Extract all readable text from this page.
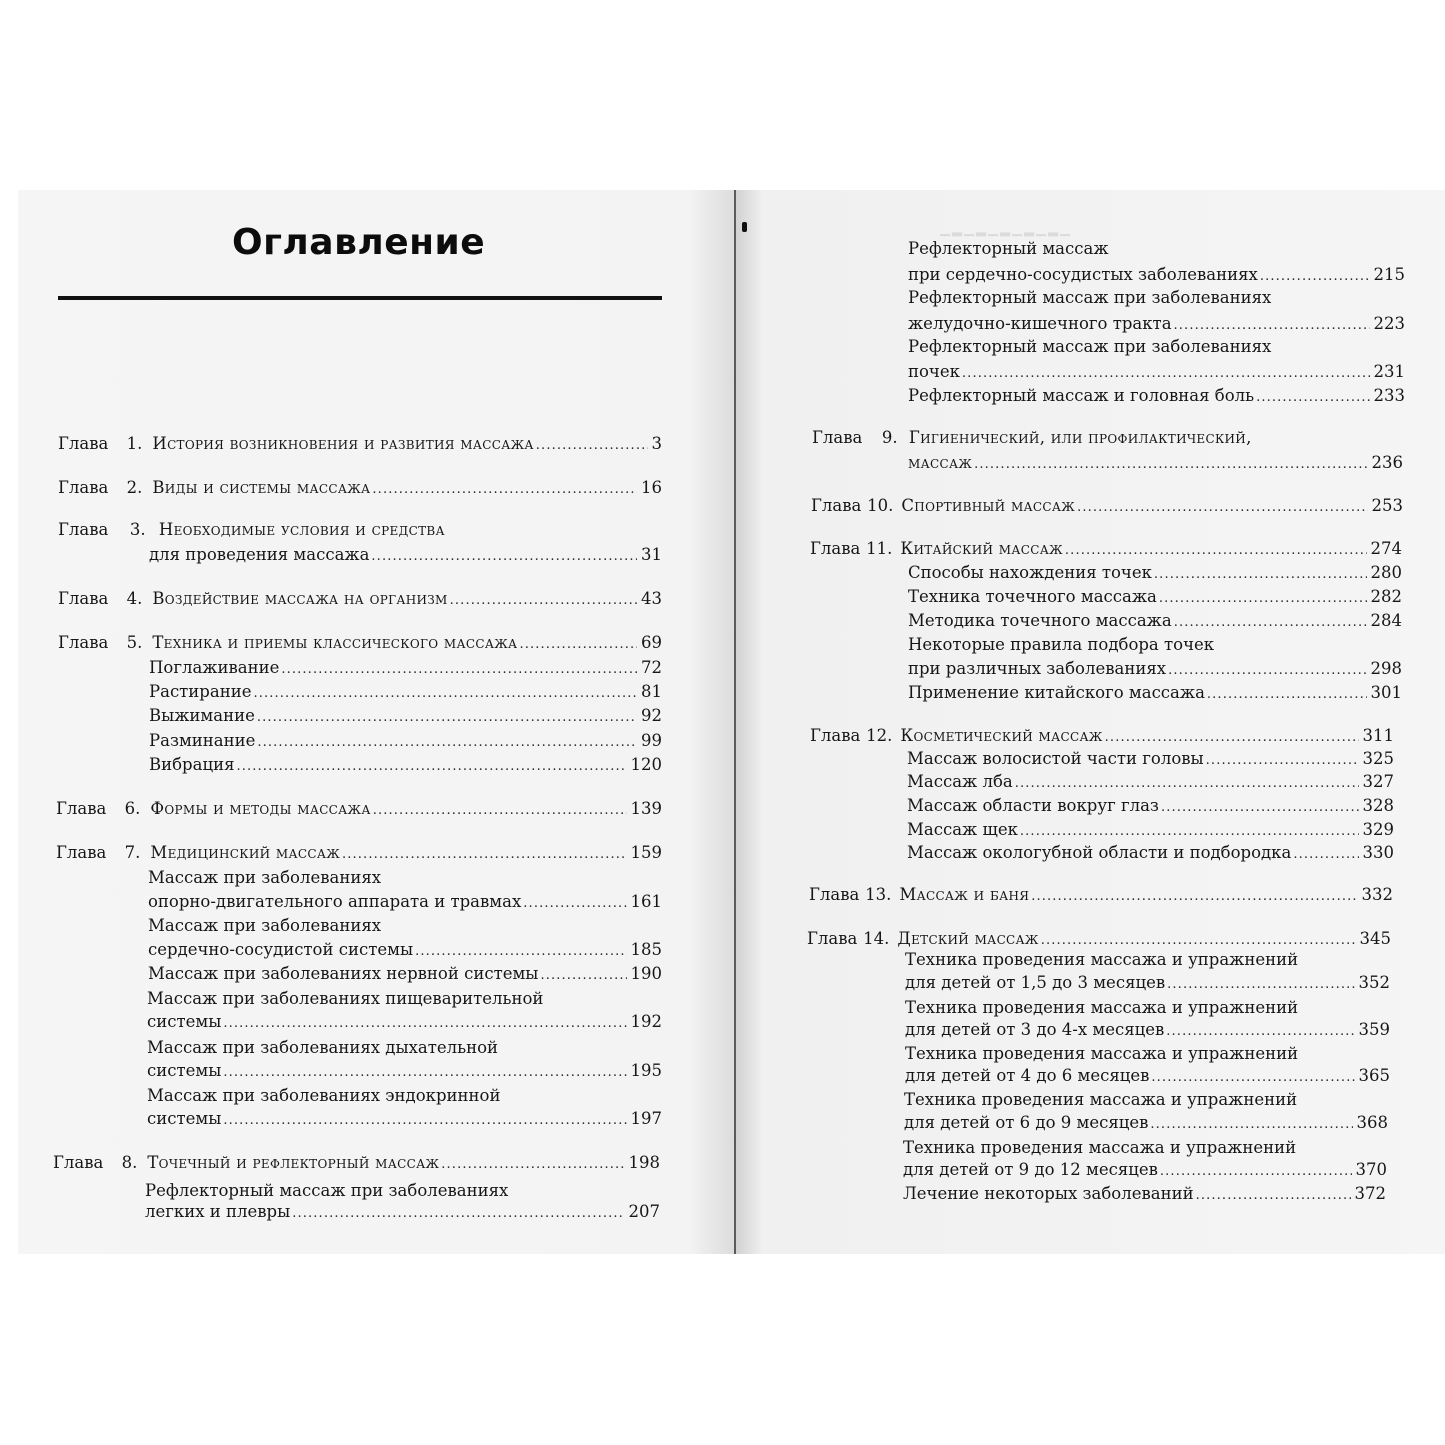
▁▂▁▂▁▂▁▂▁▂▁
Оглавление
Глава	1. История возникновения и развития массажа . . .	3
Глава	2. Виды и системы массажа . . .	16
Глава 3. Необходимые условия и средства
для проведения массажа . . .	31
Глава	4. Воздействие массажа на организм . . .	43
Глава	5. Техника и приемы классического массажа . . .	69
Поглаживание . . .	72
Растирание . . .	81
Выжимание . . .	92
Разминание . . .	99
Вибрация . . .	120
Глава	6. Формы и методы массажа . . .	139
Глава	7. Медицинский массаж . . .	159
Массаж при заболеваниях
опорно-двигательного аппарата и травмах . . .	161
Массаж при заболеваниях
сердечно-сосудистой системы . . .	185
Массаж при заболеваниях нервной системы . . .	190
Массаж при заболеваниях пищеварительной
системы . . .	192
Массаж при заболеваниях дыхательной
системы . . .	195
Массаж при заболеваниях эндокринной
системы . . .	197
Глава	8. Точечный и рефлекторный массаж . . .	198
Рефлекторный массаж при заболеваниях
легких и плевры . . .	207
Рефлекторный массаж
при сердечно-сосудистых заболеваниях . . .	215
Рефлекторный массаж при заболеваниях
желудочно-кишечного тракта . . .	223
Рефлекторный массаж при заболеваниях
почек . . .	231
Рефлекторный массаж и головная боль . . .	233
Глава 9. Гигиенический, или профилактический,
массаж . . .	236
Глава 10. Спортивный массаж . . .	253
Глава 11. Китайский массаж . . .	274
Способы нахождения точек . . .	280
Техника точечного массажа . . .	282
Методика точечного массажа . . .	284
Некоторые правила подбора точек
при различных заболеваниях . . .	298
Применение китайского массажа . . .	301
Глава 12. Косметический массаж . . .	311
Массаж волосистой части головы . . .	325
Массаж лба . . .	327
Массаж области вокруг глаз . . .	328
Массаж щек . . .	329
Массаж окологубной области и подбородка . . .	330
Глава 13. Массаж и баня . . .	332
Глава 14. Детский массаж . . .	345
Техника проведения массажа и упражнений
для детей от 1,5 до 3 месяцев . . .	352
Техника проведения массажа и упражнений
для детей от 3 до 4-х месяцев . . .	359
Техника проведения массажа и упражнений
для детей от 4 до 6 месяцев . . .	365
Техника проведения массажа и упражнений
для детей от 6 до 9 месяцев . . .	368
Техника проведения массажа и упражнений
для детей от 9 до 12 месяцев . . .	370
Лечение некоторых заболеваний . . .	372
